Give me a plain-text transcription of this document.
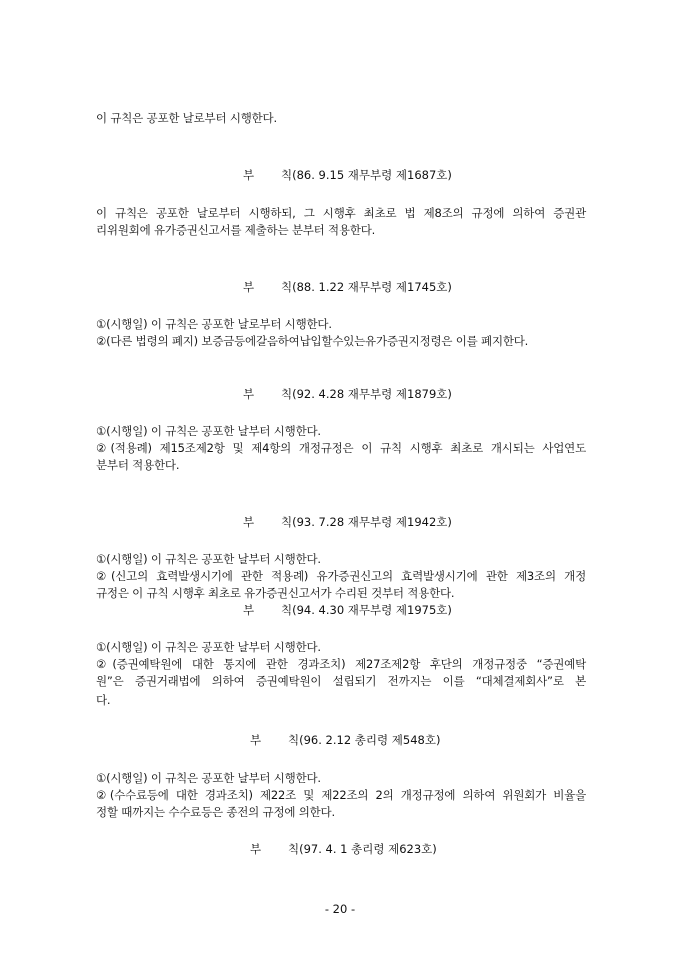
이 규칙은 공포한 날로부터 시행한다.
부 칙(86. 9.15 재무부령 제1687호)
이 규칙은 공포한 날로부터 시행하되, 그 시행후 최초로 법 제8조의 규정에 의하여 증권관
리위원회에 유가증권신고서를 제출하는 분부터 적용한다.
부 칙(88. 1.22 재무부령 제1745호)
①(시행일) 이 규칙은 공포한 날로부터 시행한다.
②(다른 법령의 폐지) 보증금등에갈음하여납입할수있는유가증권지정령은 이를 폐지한다.
부 칙(92. 4.28 재무부령 제1879호)
①(시행일) 이 규칙은 공포한 날부터 시행한다.
②(적용례) 제15조제2항 및 제4항의 개정규정은 이 규칙 시행후 최초로 개시되는 사업연도
분부터 적용한다.
부 칙(93. 7.28 재무부령 제1942호)
①(시행일) 이 규칙은 공포한 날부터 시행한다.
②(신고의 효력발생시기에 관한 적용례) 유가증권신고의 효력발생시기에 관한 제3조의 개정
규정은 이 규칙 시행후 최초로 유가증권신고서가 수리된 것부터 적용한다.
부 칙(94. 4.30 재무부령 제1975호)
①(시행일) 이 규칙은 공포한 날부터 시행한다.
②(증권예탁원에 대한 통지에 관한 경과조치) 제27조제2항 후단의 개정규정중 “증권예탁
원”은 증권거래법에 의하여 증권예탁원이 설립되기 전까지는 이를 “대체결제회사”로 본
다.
부 칙(96. 2.12 총리령 제548호)
①(시행일) 이 규칙은 공포한 날부터 시행한다.
②(수수료등에 대한 경과조치) 제22조 및 제22조의 2의 개정규정에 의하여 위원회가 비율을
정할 때까지는 수수료등은 종전의 규정에 의한다.
부 칙(97. 4. 1 총리령 제623호)
- 20 -
